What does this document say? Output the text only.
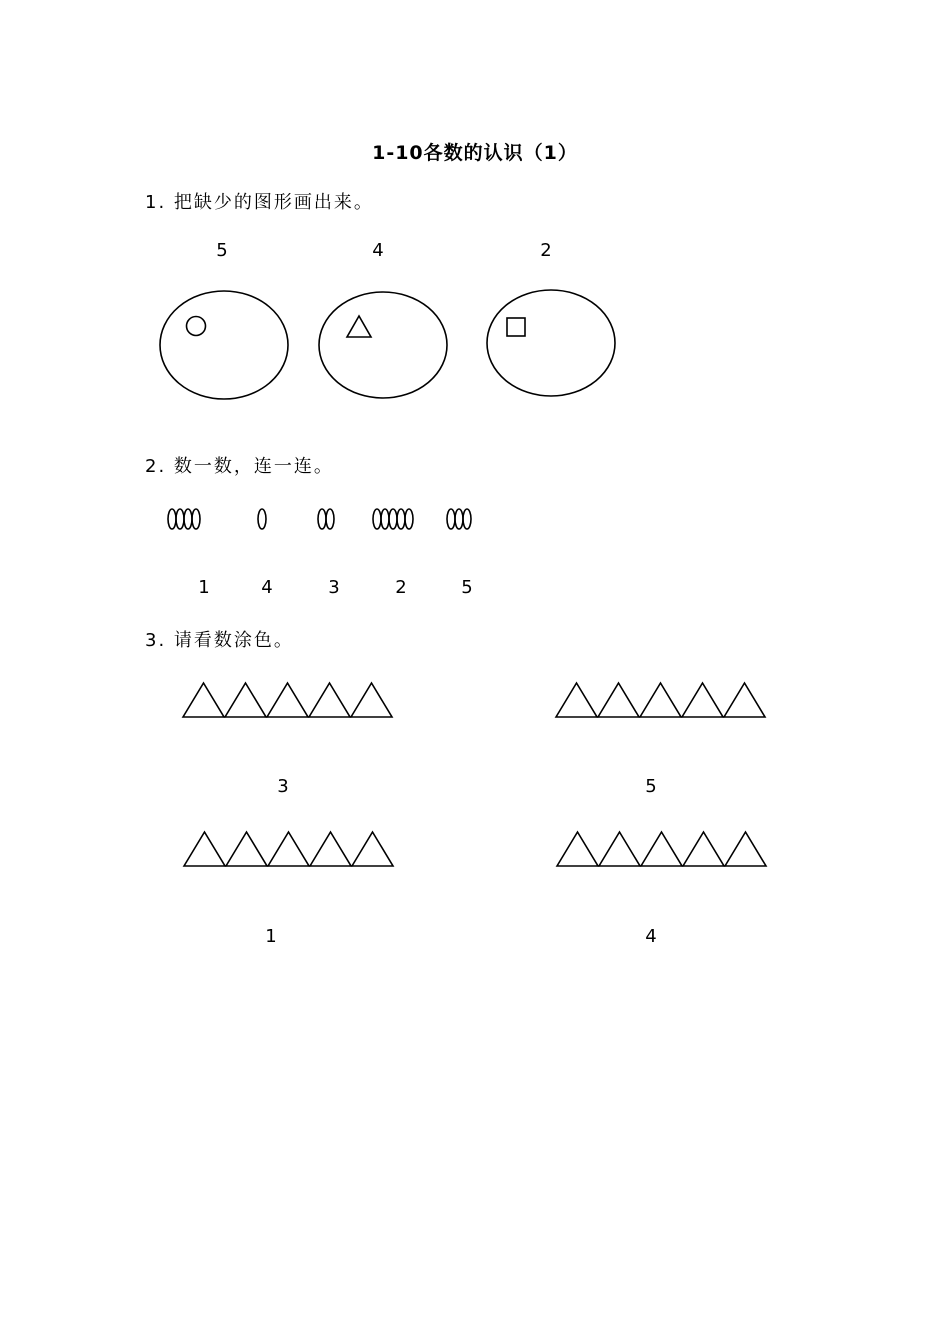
1-10各数的认识（1）
1. 把缺少的图形画出来。
5	4	2
2. 数一数，连一连。
1	4	3	2	5
3. 请看数涂色。
3	5
1	4
